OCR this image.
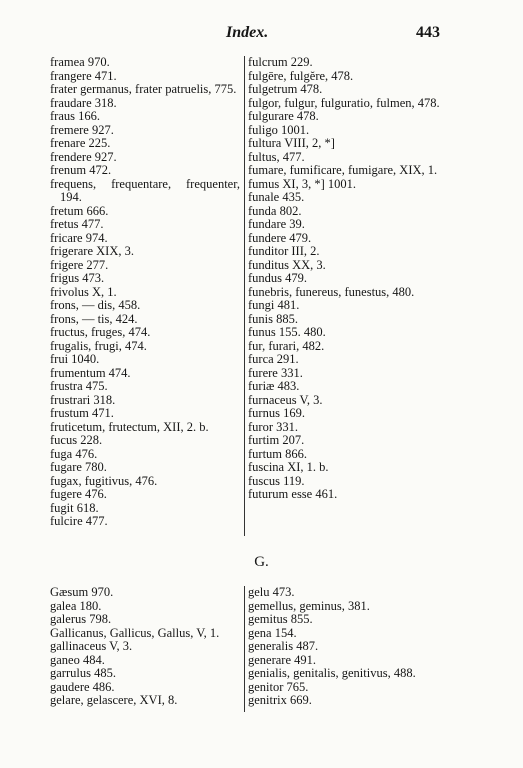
Index.	443
framea 970.
frangere 471.
frater germanus, frater patruelis, 775.
fraudare 318.
fraus 166.
fremere 927.
frenare 225.
frendere 927.
frenum 472.
frequens, frequentare, frequenter, 194.
fretum 666.
fretus 477.
fricare 974.
frigerare XIX, 3.
frigere 277.
frigus 473.
frivolus X, 1.
frons, — dis, 458.
frons, — tis, 424.
fructus, fruges, 474.
frugalis, frugi, 474.
frui 1040.
frumentum 474.
frustra 475.
frustrari 318.
frustum 471.
fruticetum, frutectum, XII, 2. b.
fucus 228.
fuga 476.
fugare 780.
fugax, fugitivus, 476.
fugere 476.
fugit 618.
fulcire 477.
fulcrum 229.
fulgēre, fulgĕre, 478.
fulgetrum 478.
fulgor, fulgur, fulguratio, fulmen, 478.
fulgurare 478.
fuligo 1001.
fultura VIII, 2, *]
fultus, 477.
fumare, fumificare, fumigare, XIX, 1.
fumus XI, 3, *] 1001.
funale 435.
funda 802.
fundare 39.
fundere 479.
funditor III, 2.
funditus XX, 3.
fundus 479.
funebris, funereus, funestus, 480.
fungi 481.
funis 885.
funus 155. 480.
fur, furari, 482.
furca 291.
furere 331.
furiæ 483.
furnaceus V, 3.
furnus 169.
furor 331.
furtim 207.
furtum 866.
fuscina XI, 1. b.
fuscus 119.
futurum esse 461.
G.
Gæsum 970.
galea 180.
galerus 798.
Gallicanus, Gallicus, Gallus, V, 1.
gallinaceus V, 3.
ganeo 484.
garrulus 485.
gaudere 486.
gelare, gelascere, XVI, 8.
gelu 473.
gemellus, geminus, 381.
gemitus 855.
gena 154.
generalis 487.
generare 491.
genialis, genitalis, genitivus, 488.
genitor 765.
genitrix 669.
